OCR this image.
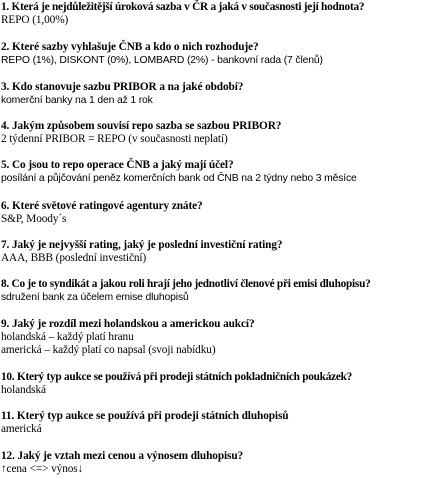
1. Která je nejdůležitější úroková sazba v ČR a jaká v současnosti její hodnota?
REPO (1,00%)
2. Které sazby vyhlašuje ČNB a kdo o nich rozhoduje?
REPO (1%), DISKONT (0%), LOMBARD (2%) - bankovní rada (7 členů)
3. Kdo stanovuje sazbu PRIBOR a na jaké období?
komerční banky na 1 den až 1 rok
4. Jakým způsobem souvisí repo sazba se sazbou PRIBOR?
2 týdenní PRIBOR = REPO (v současnosti neplatí)
5. Co jsou to repo operace ČNB a jaký mají účel?
posílání a půjčování peněz komerčních bank od ČNB na 2 týdny nebo 3 měsíce
6. Které světové ratingové agentury znáte?
S&P, Moody´s
7. Jaký je nejvyšší rating, jaký je poslední investiční rating?
AAA, BBB (poslední investiční)
8. Co je to syndikát a jakou roli hrají jeho jednotliví členové při emisi dluhopisu?
sdružení bank za účelem emise dluhopisů
9. Jaký je rozdíl mezi holandskou a americkou aukcí?
holandská – každý platí hranu
americká – každý platí co napsal (svoji nabídku)
10. Který typ aukce se používá při prodeji státních pokladničních poukázek?
holandská
11. Který typ aukce se používá při prodeji státních dluhopisů
americká
12. Jaký je vztah mezi cenou a výnosem dluhopisu?
↑cena <=> výnos↓
